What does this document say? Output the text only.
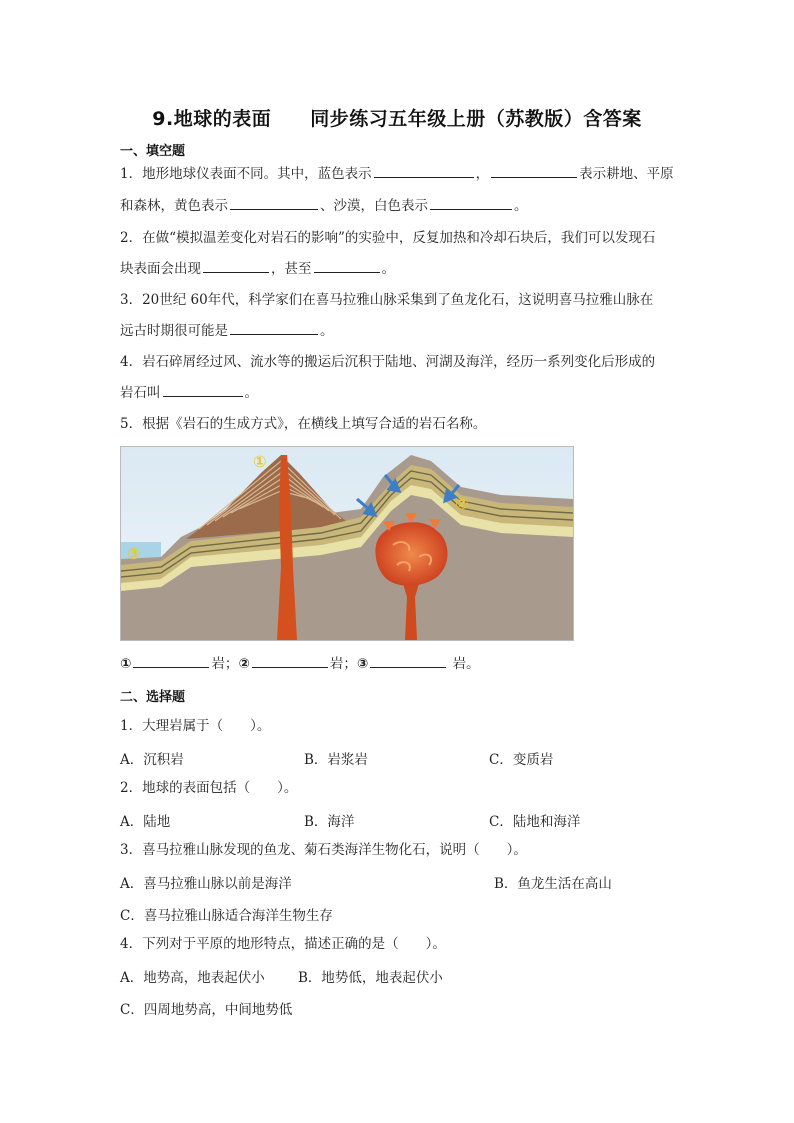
9.地球的表面　　同步练习五年级上册（苏教版）含答案
一、填空题
1．地形地球仪表面不同。其中，蓝色表示	，	表示耕地、平原
和森林，黄色表示	、沙漠，白色表示	。
2．在做“模拟温差变化对岩石的影响”的实验中，反复加热和冷却石块后，我们可以发现石
块表面会出现	，甚至	。
3．20世纪 60年代，科学家们在喜马拉雅山脉采集到了鱼龙化石，这说明喜马拉雅山脉在
远古时期很可能是	。
4．岩石碎屑经过风、流水等的搬运后沉积于陆地、河湖及海洋，经历一系列变化后形成的
岩石叫	。
5．根据《岩石的生成方式》，在横线上填写合适的岩石名称。
①
②
③
①	岩；②	岩；③	岩。
二、选择题
1．大理岩属于（　　）。
A．沉积岩	B．岩浆岩	C．变质岩
2．地球的表面包括（　　）。
A．陆地	B．海洋	C．陆地和海洋
3．喜马拉雅山脉发现的鱼龙、菊石类海洋生物化石，说明（　　）。
A．喜马拉雅山脉以前是海洋	B．鱼龙生活在高山
C．喜马拉雅山脉适合海洋生物生存
4．下列对于平原的地形特点，描述正确的是（　　）。
A．地势高，地表起伏小 B．地势低，地表起伏小
C．四周地势高，中间地势低
